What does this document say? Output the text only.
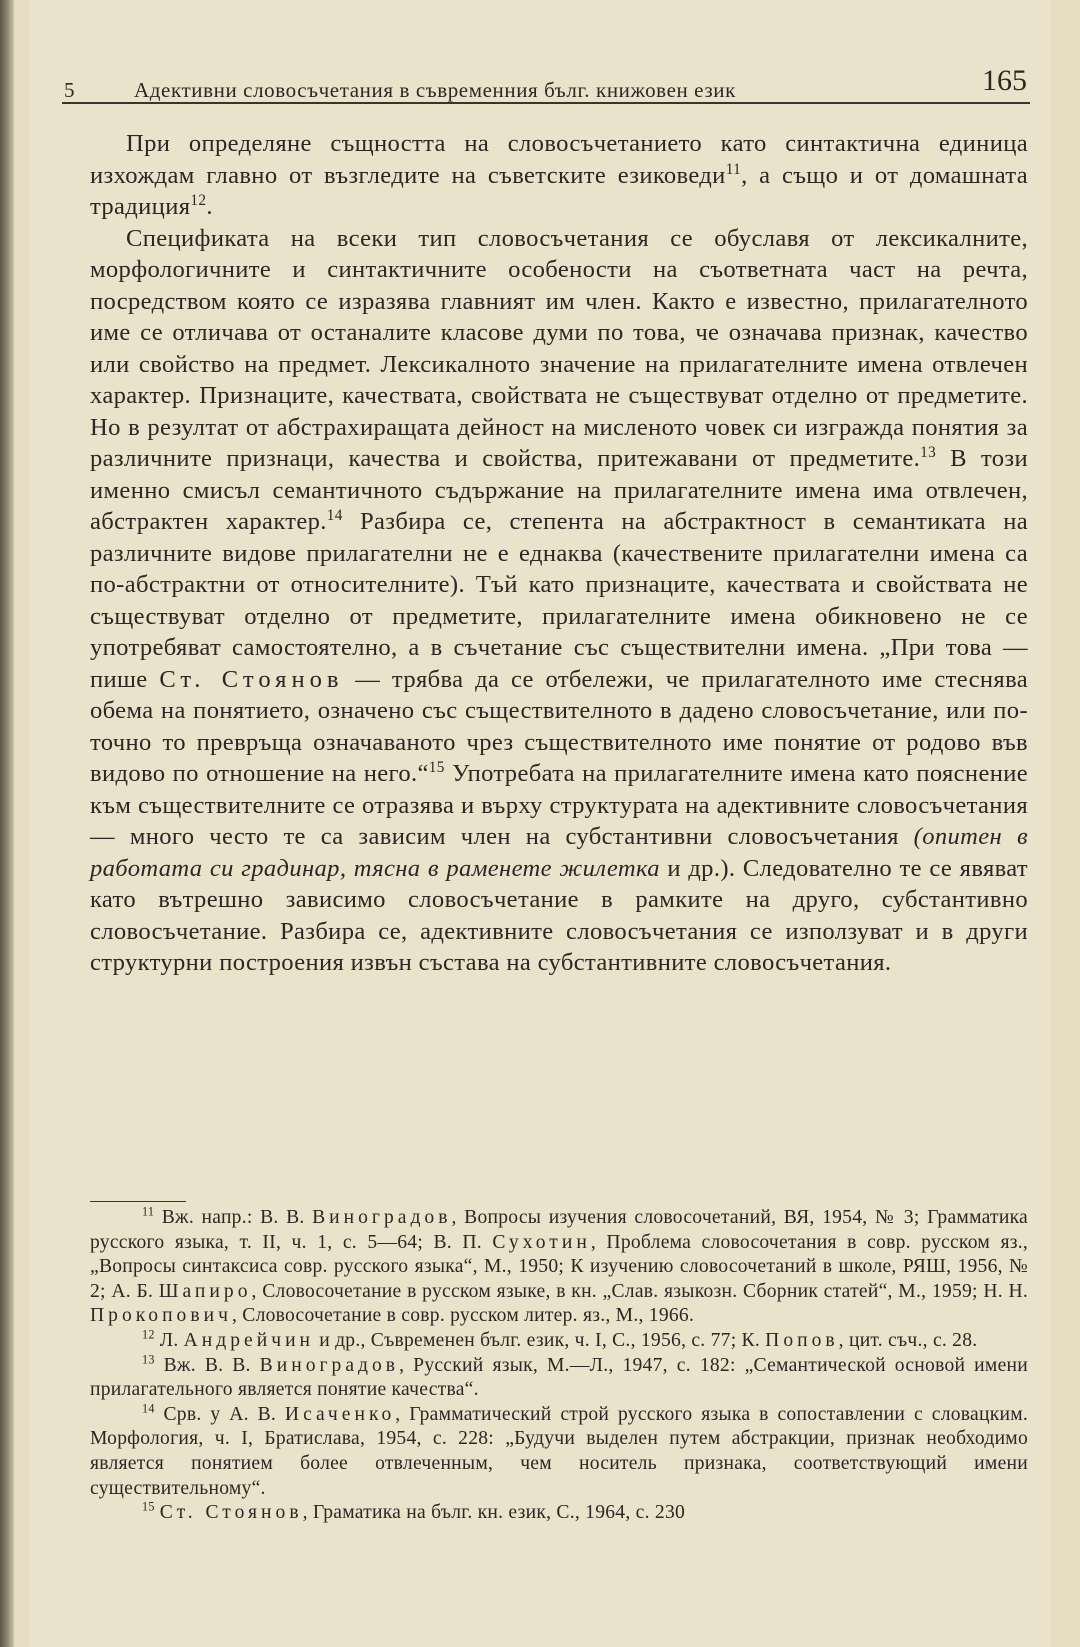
5	Адективни словосъчетания в съвременния бълг. книжовен език	165

При определяне същността на словосъчетанието като синтактична единица изхождам главно от възгледите на съветските езиковеди$^{11}$, а също и от домашната традиция$^{12}$.

Спецификата на всеки тип словосъчетания се обуславя от лексикалните, морфологичните и синтактичните особености на съответната част на речта, посредством която се изразява главният им член. Както е известно, прилагателното име се отличава от останалите класове думи по това, че означава признак, качество или свойство на предмет. Лексикалното значение на прилагателните имена отвлечен характер. Признаците, качествата, свойствата не съществуват отделно от предметите. Но в резултат от абстрахиращата дейност на мисленото човек си изгражда понятия за различните признаци, качества и свойства, притежавани от предметите.$^{13}$ В този именно смисъл семантичното съдържание на прилагателните имена има отвлечен, абстрактен характер.$^{14}$ Разбира се, степента на абстрактност в семантиката на различните видове прилагателни не е еднаква (качествените прилагателни имена са по-абстрактни от относителните). Тъй като признаците, качествата и свойствата не съществуват отделно от предметите, прилагателните имена обикновено не се употребяват самостоятелно, а в съчетание със съществителни имена. „При това — пише Ст. Стоянов — трябва да се отбележи, че прилагателното име стеснява обема на понятието, означено със съществителното в дадено словосъчетание, или по-точно то превръща означаваното чрез съществителното име понятие от родово във видово по отношение на него.“$^{15}$ Употребата на прилагателните имена като пояснение към съществителните се отразява и върху структурата на адективните словосъчетания — много често те са зависим член на субстантивни словосъчетания (опитен в работата си градинар, тясна в раменете жилетка и др.). Следователно те се явяват като вътрешно зависимо словосъчетание в рамките на друго, субстантивно словосъчетание. Разбира се, адективните словосъчетания се използуват и в други структурни построения извън състава на субстантивните словосъчетания.

$^{11}$ Вж. напр.: В. В. Виноградов, Вопросы изучения словосочетаний, ВЯ, 1954, № 3; Грамматика русского языка, т. II, ч. 1, с. 5—64; В. П. Сухотин, Проблема словосочетания в совр. русском яз., „Вопросы синтаксиса совр. русского языка“, М., 1950; К изучению словосочетаний в школе, РЯШ, 1956, № 2; А. Б. Шапиро, Словосочетание в русском языке, в кн. „Слав. языкозн. Сборник статей“, М., 1959; Н. Н. Прокопович, Словосочетание в совр. русском литер. яз., М., 1966.

$^{12}$ Л. Андрейчин и др., Съвременен бълг. език, ч. I, С., 1956, с. 77; К. Попов, цит. съч., с. 28.

$^{13}$ Вж. В. В. Виноградов, Русский язык, М.—Л., 1947, с. 182: „Семантической основой имени прилагательного является понятие качества“.

$^{14}$ Срв. у А. В. Исаченко, Грамматический строй русского языка в сопоставлении с словацким. Морфология, ч. I, Братислава, 1954, с. 228: „Будучи выделен путем абстракции, признак необходимо является понятием более отвлеченным, чем носитель признака, соответствующий имени существительному“.

$^{15}$ Ст. Стоянов, Граматика на бълг. кн. език, С., 1964, с. 230
